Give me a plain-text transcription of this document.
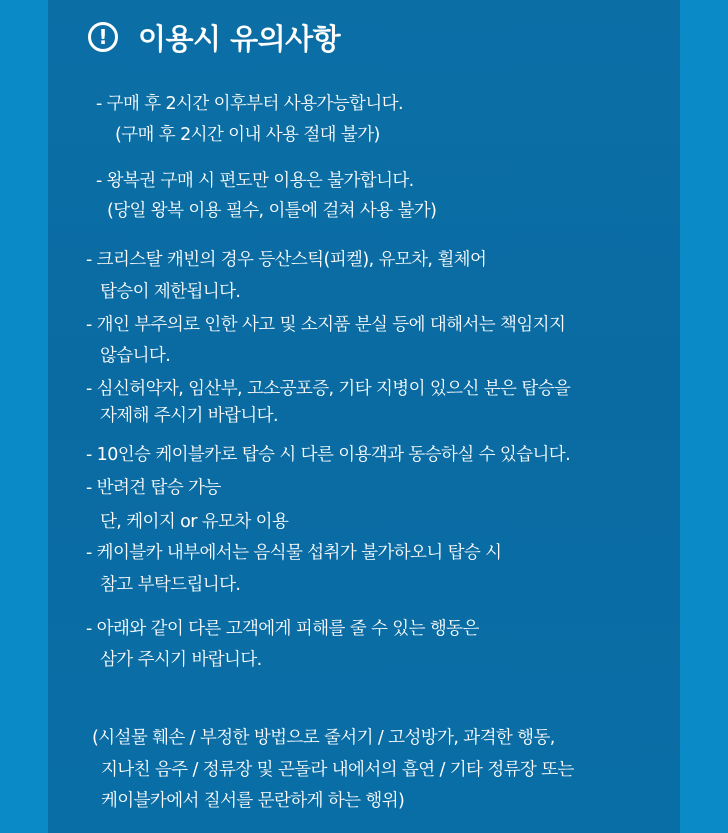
!	이용시 유의사항
- 구매 후 2시간 이후부터 사용가능합니다.
(구매 후 2시간 이내 사용 절대 불가)
- 왕복권 구매 시 편도만 이용은 불가합니다.
(당일 왕복 이용 필수, 이틀에 걸쳐 사용 불가)
- 크리스탈 캐빈의 경우 등산스틱(피켈), 유모차, 휠체어
탑승이 제한됩니다.
- 개인 부주의로 인한 사고 및 소지품 분실 등에 대해서는 책임지지
않습니다.
- 심신허약자, 임산부, 고소공포증, 기타 지병이 있으신 분은 탑승을
자제해 주시기 바랍니다.
- 10인승 케이블카로 탑승 시 다른 이용객과 동승하실 수 있습니다.
- 반려견 탑승 가능
단, 케이지 or 유모차 이용
- 케이블카 내부에서는 음식물 섭취가 불가하오니 탑승 시
참고 부탁드립니다.
- 아래와 같이 다른 고객에게 피해를 줄 수 있는 행동은
삼가 주시기 바랍니다.
(시설물 훼손 / 부정한 방법으로 줄서기 / 고성방가, 과격한 행동,
지나친 음주 / 정류장 및 곤돌라 내에서의 흡연 / 기타 정류장 또는
케이블카에서 질서를 문란하게 하는 행위)
